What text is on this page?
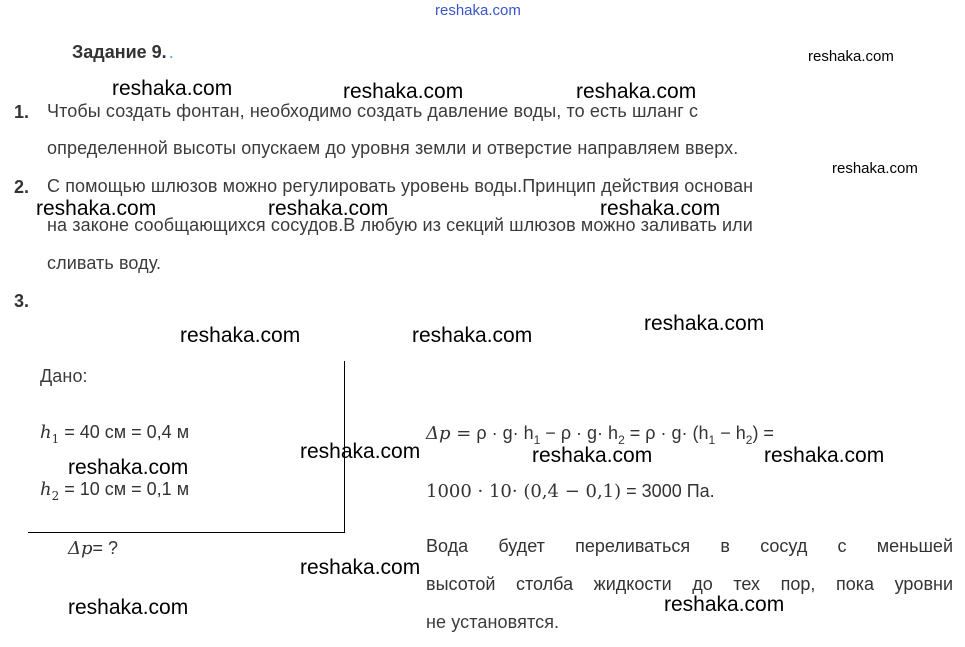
reshaka.com
Задание 9. .
1. Чтобы создать фонтан, необходимо создать давление воды, то есть шланг с
определенной высоты опускаем до уровня земли и отверстие направляем вверх.
2. С помощью шлюзов можно регулировать уровень воды.Принцип действия основан
на законе сообщающихся сосудов.В любую из секций шлюзов можно заливать или
сливать воду.
3.
Дано:
$h_1 = 40$ см = 0,4 м
$h_2 = 10$ см = 0,1 м
Δp= ?
$\Delta p = \rho \cdot g\cdot h_1 - \rho \cdot g\cdot h_2 = \rho \cdot g\cdot (h_1 - h_2)$ =
1000 · 10· (0,4 − 0,1) = 3000 Па.
Вода будет переливаться в сосуд с меньшей
высотой столба жидкости до тех пор, пока уровни
не установятся.
reshaka.com
reshaka.com
reshaka.com	reshaka.com	reshaka.com
reshaka.com	reshaka.com	reshaka.com
reshaka.com	reshaka.com
reshaka.com
reshaka.com
reshaka.com
reshaka.com	reshaka.com
reshaka.com
reshaka.com	reshaka.com
